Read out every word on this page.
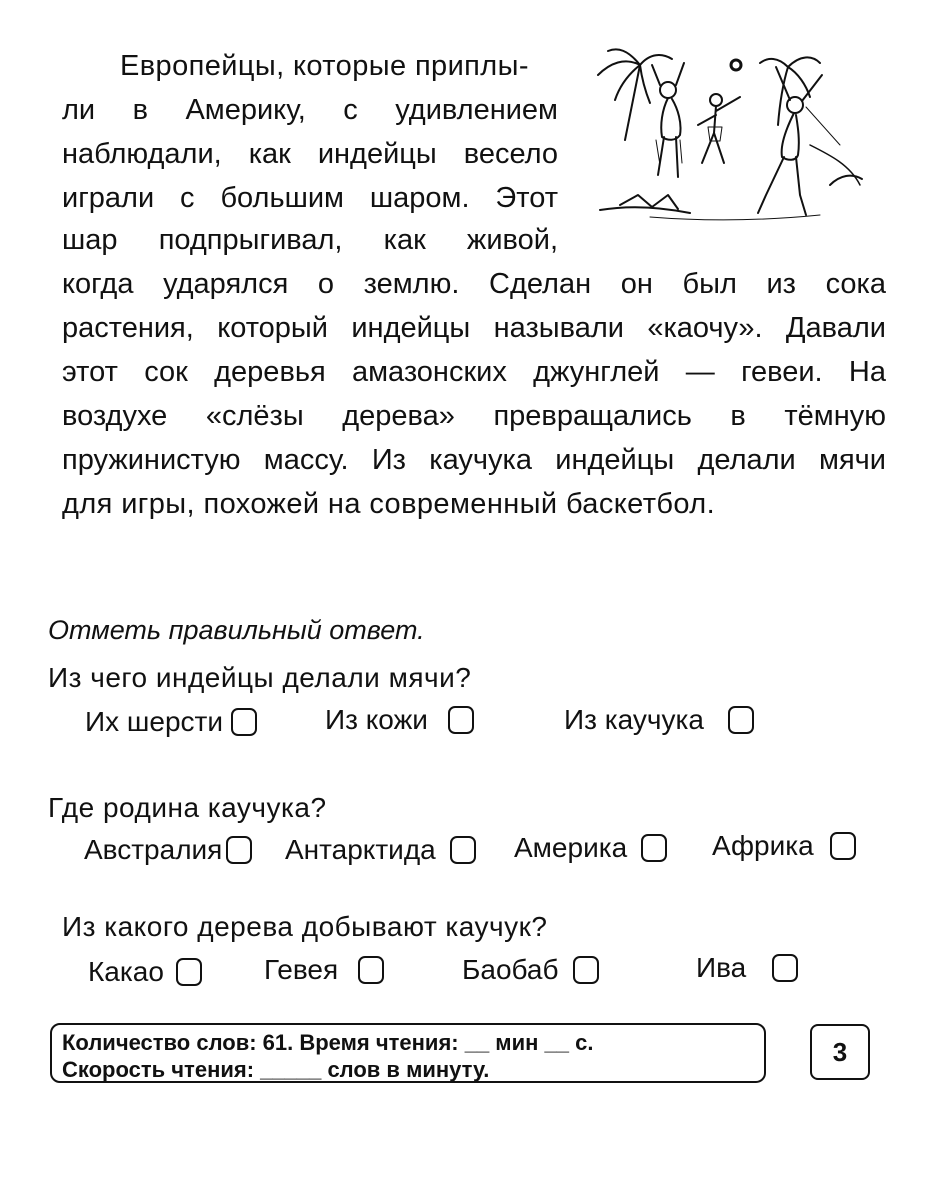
Европейцы, которые приплы-
ли в Америку, с удивлением
наблюдали, как индейцы весело
играли с большим шаром. Этот
шар подпрыгивал, как живой,
когда ударялся о землю. Сделан он был из сока
растения, который индейцы называли «каочу». Давали
этот сок деревья амазонских джунглей — гевеи. На
воздухе «слёзы дерева» превращались в тёмную
пружинистую массу. Из каучука индейцы делали мячи
для игры, похожей на современный баскетбол.
Отметь правильный ответ.
Из чего индейцы делали мячи?
Их шерсти	Из кожи	Из каучука
Где родина каучука?
Австралия Антарктида	Америка	Африка
Из какого дерева добывают каучук?
Какао	Гевея	Баобаб	Ива
Количество слов: 61. Время чтения: __ мин __ с.
Скорость чтения: _____ слов в минуту.
3
